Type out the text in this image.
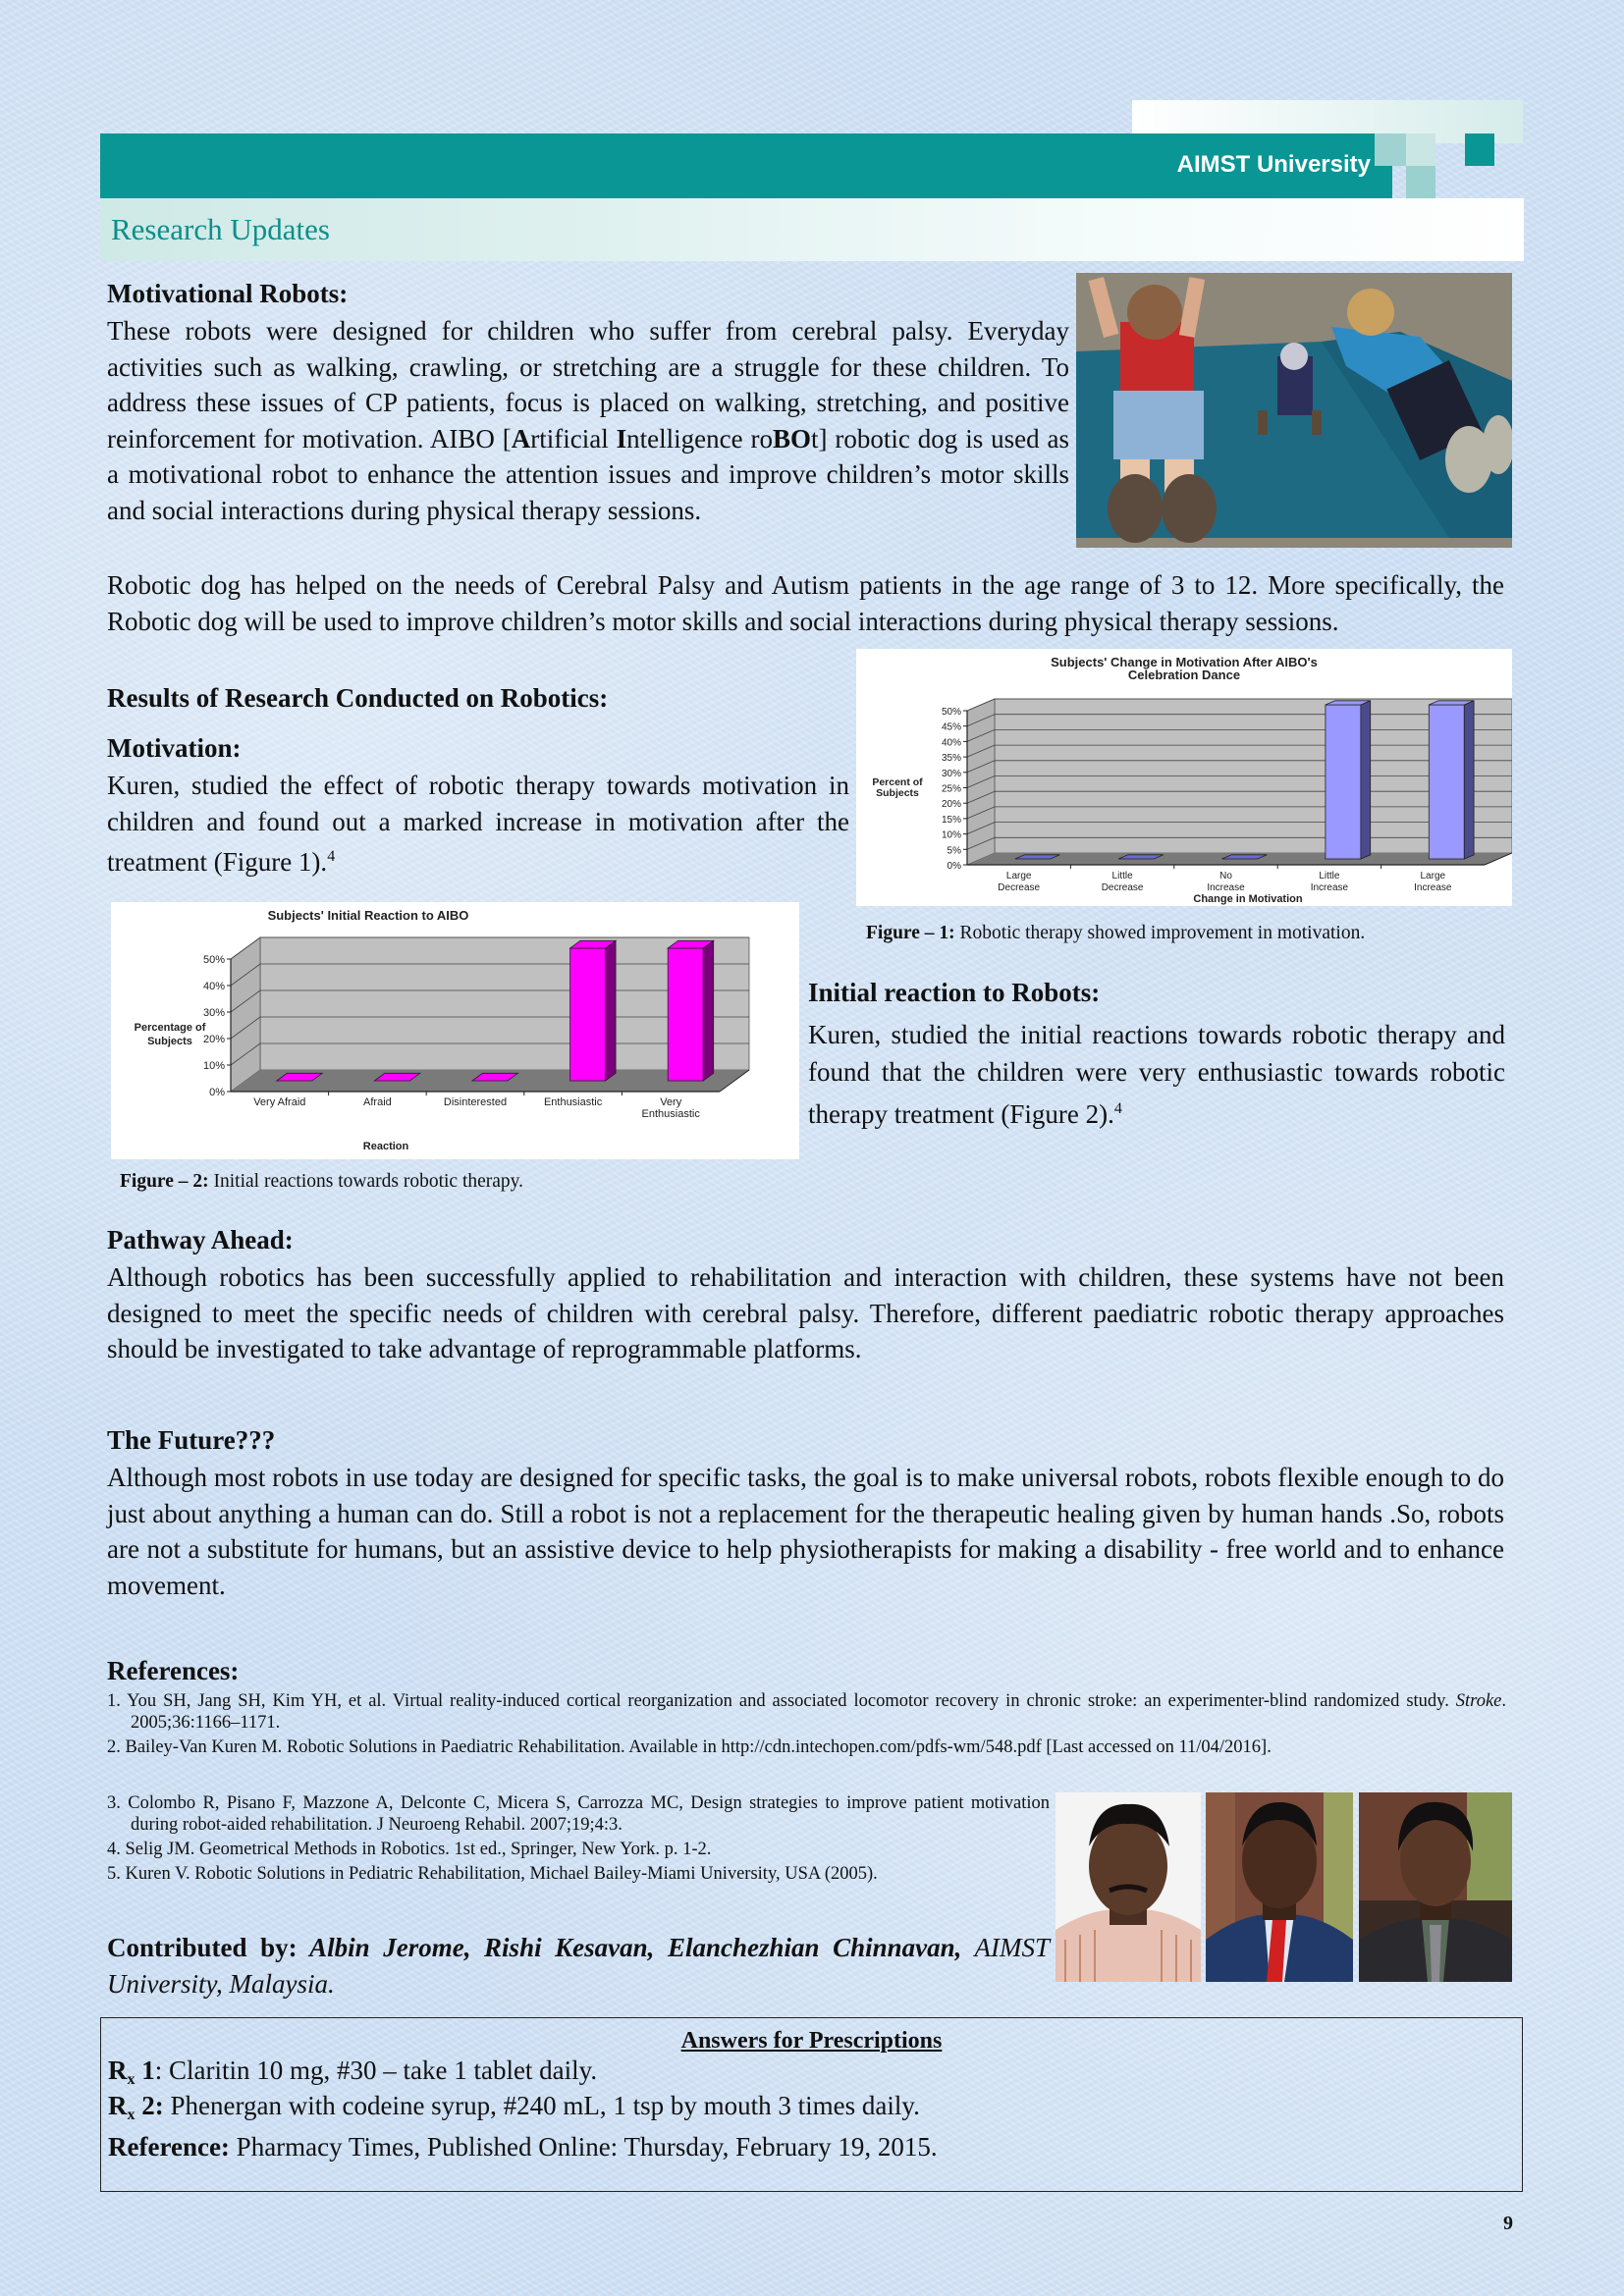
AIMST University
Research Updates
Motivational Robots:
These robots were designed for children who suffer from cerebral palsy. Everyday activities such as walking, crawling, or stretching are a struggle for these children. To address these issues of CP patients, focus is placed on walking, stretching, and positive reinforcement for motivation. AIBO [Artificial Intelligence roBOt] robotic dog is used as a motivational robot to enhance the attention issues and improve children’s motor skills and social interactions during physical therapy sessions.
Robotic dog has helped on the needs of Cerebral Palsy and Autism patients in the age range of 3 to 12. More specifically, the Robotic dog will be used to improve children’s motor skills and social interactions during physical therapy sessions.
Results of Research Conducted on Robotics:
Motivation:
Kuren, studied the effect of robotic therapy towards motivation in children and found out a marked increase in motivation after the treatment (Figure 1).$^4$
Subjects' Change in Motivation After AIBO's
Celebration Dance
Percent of
Subjects
Change in Motivation
0%
5%
10%
15%
20%
25%
30%
35%
40%
45%
50%
Large
Decrease
Little
Decrease
No
Increase
Little
Increase
Large
Increase
Figure – 1: Robotic therapy showed improvement in motivation.
Subjects' Initial Reaction to AIBO
Percentage of
Subjects
Reaction
0%
10%
20%
30%
40%
50%
Very Afraid	Afraid	Disinterested	Enthusiastic	Very
Enthusiastic
Figure – 2: Initial reactions towards robotic therapy.
Initial reaction to Robots:
Kuren, studied the initial reactions towards robotic therapy and found that the children were very enthusiastic towards robotic therapy treatment (Figure 2).$^4$
Pathway Ahead:
Although robotics has been successfully applied to rehabilitation and interaction with children, these systems have not been designed to meet the specific needs of children with cerebral palsy. Therefore, different paediatric robotic therapy approaches should be investigated to take advantage of reprogrammable platforms.
The Future???
Although most robots in use today are designed for specific tasks, the goal is to make universal robots, robots flexible enough to do just about anything a human can do. Still a robot is not a replacement for the therapeutic healing given by human hands .So, robots are not a substitute for humans, but an assistive device to help physiotherapists for making a disability - free world and to enhance movement.
References:
1. You SH, Jang SH, Kim YH, et al. Virtual reality-induced cortical reorganization and associated locomotor recovery in chronic stroke: an experimenter-blind randomized study. Stroke. 2005;36:1166–1171.
2. Bailey-Van Kuren M. Robotic Solutions in Paediatric Rehabilitation. Available in http://cdn.intechopen.com/pdfs-wm/548.pdf [Last accessed on 11/04/2016].
3. Colombo R, Pisano F, Mazzone A, Delconte C, Micera S, Carrozza MC, Design strategies to improve patient motivation during robot-aided rehabilitation. J Neuroeng Rehabil. 2007;19;4:3.
4. Selig JM. Geometrical Methods in Robotics. 1st ed., Springer, New York. p. 1-2.
5. Kuren V. Robotic Solutions in Pediatric Rehabilitation, Michael Bailey-Miami University, USA (2005).
Contributed by: Albin Jerome, Rishi Kesavan, Elanchezhian Chinnavan, AIMST University, Malaysia.
Answers for Prescriptions
Rx 1: Claritin 10 mg, #30 – take 1 tablet daily.
Rx 2: Phenergan with codeine syrup, #240 mL, 1 tsp by mouth 3 times daily.
Reference: Pharmacy Times, Published Online: Thursday, February 19, 2015.
9
